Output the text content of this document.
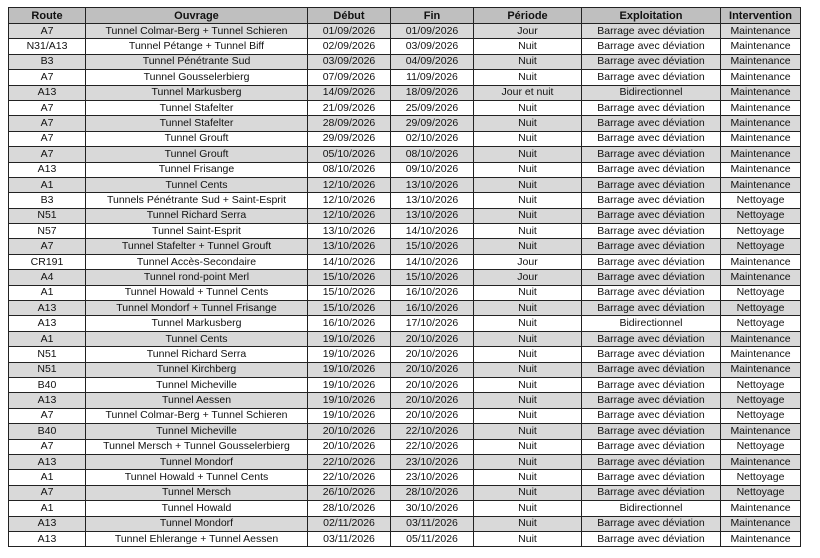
Route	Ouvrage	Début	Fin	Période	Exploitation	Intervention
A7	Tunnel Colmar-Berg + Tunnel Schieren	01/09/2026	01/09/2026	Jour	Barrage avec déviation	Maintenance
N31/A13	Tunnel Pétange + Tunnel Biff	02/09/2026	03/09/2026	Nuit	Barrage avec déviation	Maintenance
B3	Tunnel Pénétrante Sud	03/09/2026	04/09/2026	Nuit	Barrage avec déviation	Maintenance
A7	Tunnel Gousselerbierg	07/09/2026	11/09/2026	Nuit	Barrage avec déviation	Maintenance
A13	Tunnel Markusberg	14/09/2026	18/09/2026	Jour et nuit	Bidirectionnel	Maintenance
A7	Tunnel Stafelter	21/09/2026	25/09/2026	Nuit	Barrage avec déviation	Maintenance
A7	Tunnel Stafelter	28/09/2026	29/09/2026	Nuit	Barrage avec déviation	Maintenance
A7	Tunnel Grouft	29/09/2026	02/10/2026	Nuit	Barrage avec déviation	Maintenance
A7	Tunnel Grouft	05/10/2026	08/10/2026	Nuit	Barrage avec déviation	Maintenance
A13	Tunnel Frisange	08/10/2026	09/10/2026	Nuit	Barrage avec déviation	Maintenance
A1	Tunnel Cents	12/10/2026	13/10/2026	Nuit	Barrage avec déviation	Maintenance
B3	Tunnels Pénétrante Sud + Saint-Esprit	12/10/2026	13/10/2026	Nuit	Barrage avec déviation	Nettoyage
N51	Tunnel Richard Serra	12/10/2026	13/10/2026	Nuit	Barrage avec déviation	Nettoyage
N57	Tunnel Saint-Esprit	13/10/2026	14/10/2026	Nuit	Barrage avec déviation	Nettoyage
A7	Tunnel Stafelter + Tunnel Grouft	13/10/2026	15/10/2026	Nuit	Barrage avec déviation	Nettoyage
CR191	Tunnel Accès-Secondaire	14/10/2026	14/10/2026	Jour	Barrage avec déviation	Maintenance
A4	Tunnel rond-point Merl	15/10/2026	15/10/2026	Jour	Barrage avec déviation	Maintenance
A1	Tunnel Howald + Tunnel Cents	15/10/2026	16/10/2026	Nuit	Barrage avec déviation	Nettoyage
A13	Tunnel Mondorf + Tunnel Frisange	15/10/2026	16/10/2026	Nuit	Barrage avec déviation	Nettoyage
A13	Tunnel Markusberg	16/10/2026	17/10/2026	Nuit	Bidirectionnel	Nettoyage
A1	Tunnel Cents	19/10/2026	20/10/2026	Nuit	Barrage avec déviation	Maintenance
N51	Tunnel Richard Serra	19/10/2026	20/10/2026	Nuit	Barrage avec déviation	Maintenance
N51	Tunnel Kirchberg	19/10/2026	20/10/2026	Nuit	Barrage avec déviation	Maintenance
B40	Tunnel Micheville	19/10/2026	20/10/2026	Nuit	Barrage avec déviation	Nettoyage
A13	Tunnel Aessen	19/10/2026	20/10/2026	Nuit	Barrage avec déviation	Nettoyage
A7	Tunnel Colmar-Berg + Tunnel Schieren	19/10/2026	20/10/2026	Nuit	Barrage avec déviation	Nettoyage
B40	Tunnel Micheville	20/10/2026	22/10/2026	Nuit	Barrage avec déviation	Maintenance
A7	Tunnel Mersch + Tunnel Gousselerbierg	20/10/2026	22/10/2026	Nuit	Barrage avec déviation	Nettoyage
A13	Tunnel Mondorf	22/10/2026	23/10/2026	Nuit	Barrage avec déviation	Maintenance
A1	Tunnel Howald + Tunnel Cents	22/10/2026	23/10/2026	Nuit	Barrage avec déviation	Nettoyage
A7	Tunnel Mersch	26/10/2026	28/10/2026	Nuit	Barrage avec déviation	Nettoyage
A1	Tunnel Howald	28/10/2026	30/10/2026	Nuit	Bidirectionnel	Maintenance
A13	Tunnel Mondorf	02/11/2026	03/11/2026	Nuit	Barrage avec déviation	Maintenance
A13	Tunnel Ehlerange + Tunnel Aessen	03/11/2026	05/11/2026	Nuit	Barrage avec déviation	Maintenance
